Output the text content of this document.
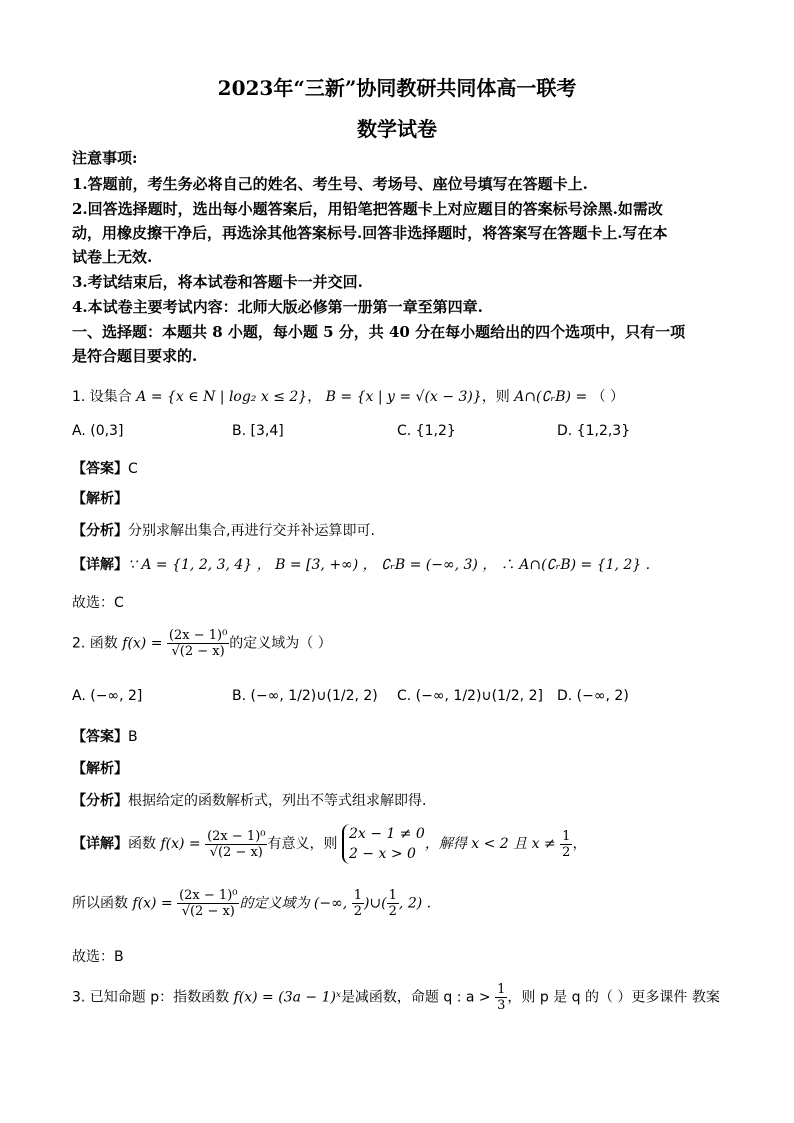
2023年“三新”协同教研共同体高一联考
数学试卷
注意事项:
1.答题前，考生务必将自己的姓名、考生号、考场号、座位号填写在答题卡上.
2.回答选择题时，选出每小题答案后，用铅笔把答题卡上对应题目的答案标号涂黑.如需改
动，用橡皮擦干净后，再选涂其他答案标号.回答非选择题时，将答案写在答题卡上.写在本
试卷上无效.
3.考试结束后，将本试卷和答题卡一并交回.
4.本试卷主要考试内容：北师大版必修第一册第一章至第四章.
一、选择题：本题共 8 小题，每小题 5 分，共 40 分在每小题给出的四个选项中，只有一项
是符合题目要求的.
1. 设集合 A = {x ∈ N | log₂ x ≤ 2}， B = {x | y = √(x − 3)}，则 A∩(∁ᵣB) = （ ）
A. (0,3]	B. [3,4]	C. {1,2}	D. {1,2,3}
【答案】C
【解析】
【分析】分别求解出集合,再进行交并补运算即可.
【详解】∵ A = {1, 2, 3, 4} ， B = [3, +∞) ， ∁ᵣB = (−∞, 3) ， ∴ A∩(∁ᵣB) = {1, 2} .
故选：C
2. 函数 $f(x) = \frac{\text{(2x − 1)⁰}}{√(2 - x)}$ 的定义域为（ ）
A. (−∞, 2]	B. (−∞, 1/2)∪(1/2, 2) C. (−∞, 1/2)∪(1/2, 2] D. (−∞, 2)
【答案】B
【解析】
【分析】根据给定的函数解析式，列出不等式组求解即得.
【详解】函数 $f(x) = \frac{\text{(2x − 1)⁰}}{√(2 - x)}$ 有意义，则
2x − 1 ≠ 0
2 − x > 0
，解得 x < 2 且 $x \ne \frac{1}{2}$ ，
所以函数 $f(x) = \frac{\text{(2x − 1)⁰}}{√(2 - x)}$ 的定义域为 (−∞, $\frac{1}{2}$ )∪( $\frac{1}{2}$ , 2) .
故选：B
3. 已知命题 p：指数函数 f(x) = (3a − 1)ˣ是减函数，命题 q : $a > \frac{1}{3}$ ，则 p 是 q 的（ ）更多课件 教案
